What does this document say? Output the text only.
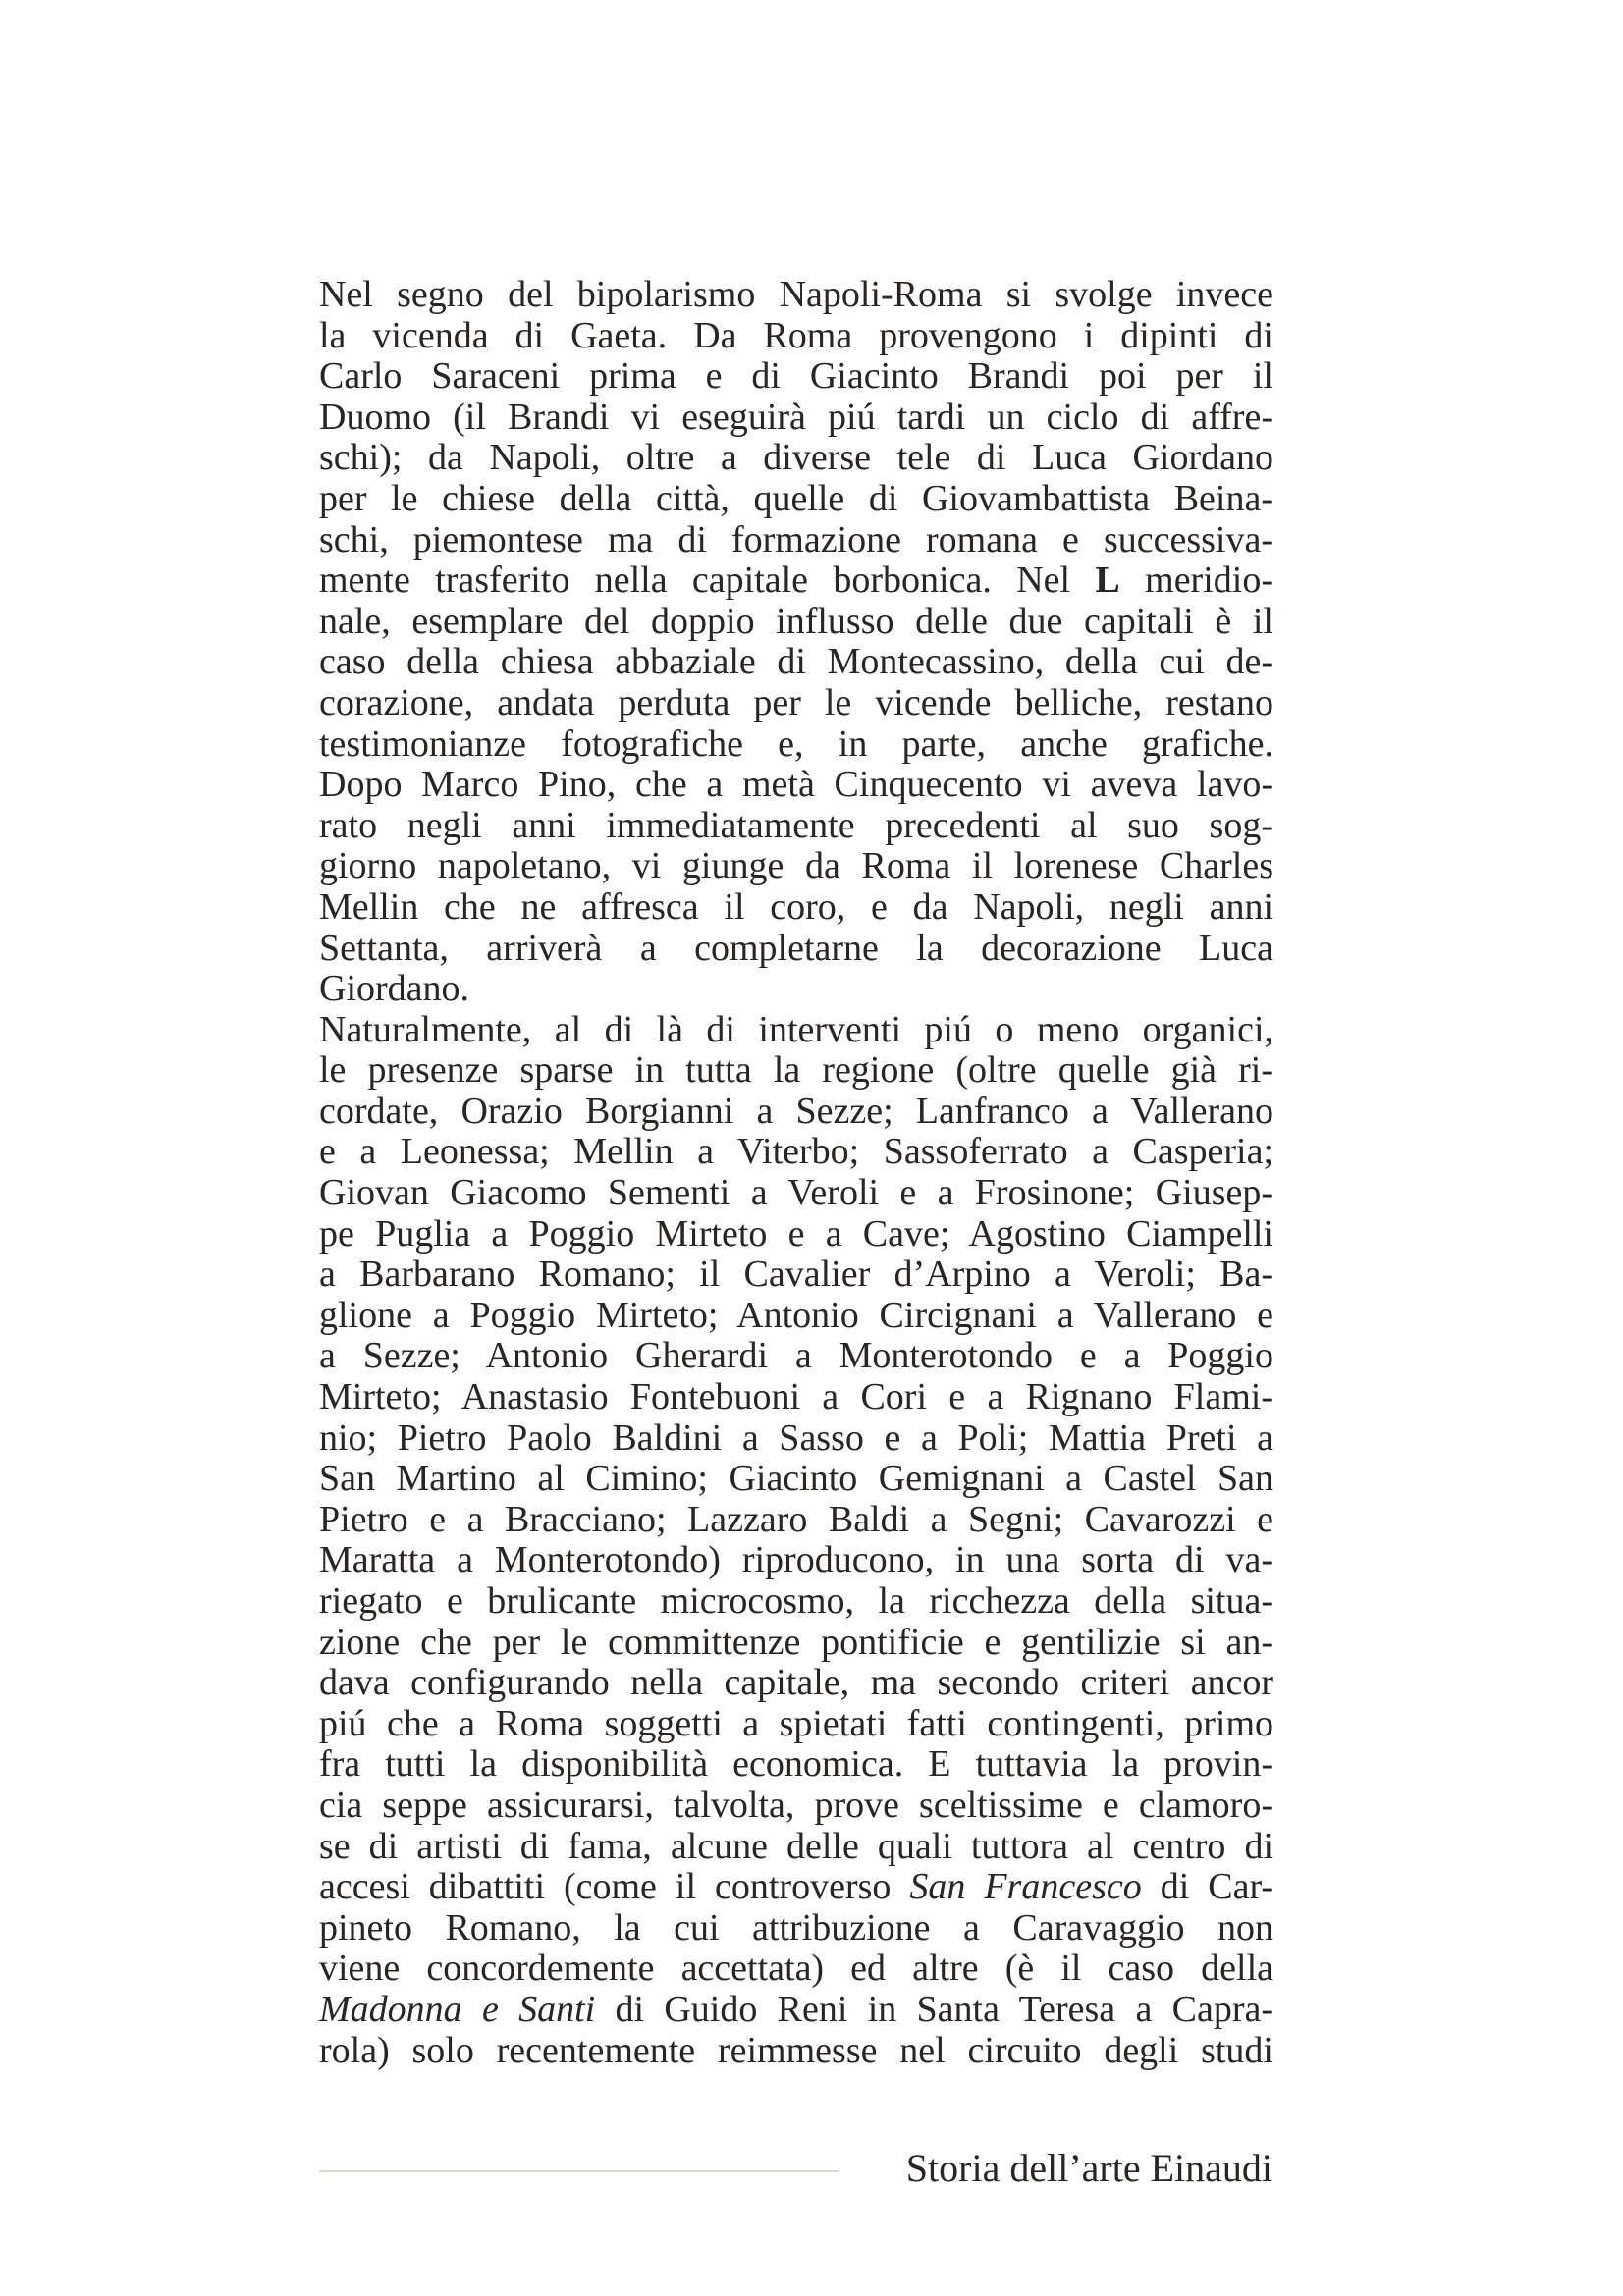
Nel segno del bipolarismo Napoli-Roma si svolge invece
la vicenda di Gaeta. Da Roma provengono i dipinti di
Carlo Saraceni prima e di Giacinto Brandi poi per il
Duomo (il Brandi vi eseguirà piú tardi un ciclo di affre-
schi); da Napoli, oltre a diverse tele di Luca Giordano
per le chiese della città, quelle di Giovambattista Beina-
schi, piemontese ma di formazione romana e successiva-
mente trasferito nella capitale borbonica. Nel L meridio-
nale, esemplare del doppio influsso delle due capitali è il
caso della chiesa abbaziale di Montecassino, della cui de-
corazione, andata perduta per le vicende belliche, restano
testimonianze fotografiche e, in parte, anche grafiche.
Dopo Marco Pino, che a metà Cinquecento vi aveva lavo-
rato negli anni immediatamente precedenti al suo sog-
giorno napoletano, vi giunge da Roma il lorenese Charles
Mellin che ne affresca il coro, e da Napoli, negli anni
Settanta, arriverà a completarne la decorazione Luca
Giordano.
Naturalmente, al di là di interventi piú o meno organici,
le presenze sparse in tutta la regione (oltre quelle già ri-
cordate, Orazio Borgianni a Sezze; Lanfranco a Vallerano
e a Leonessa; Mellin a Viterbo; Sassoferrato a Casperia;
Giovan Giacomo Sementi a Veroli e a Frosinone; Giusep-
pe Puglia a Poggio Mirteto e a Cave; Agostino Ciampelli
a Barbarano Romano; il Cavalier d’Arpino a Veroli; Ba-
glione a Poggio Mirteto; Antonio Circignani a Vallerano e
a Sezze; Antonio Gherardi a Monterotondo e a Poggio
Mirteto; Anastasio Fontebuoni a Cori e a Rignano Flami-
nio; Pietro Paolo Baldini a Sasso e a Poli; Mattia Preti a
San Martino al Cimino; Giacinto Gemignani a Castel San
Pietro e a Bracciano; Lazzaro Baldi a Segni; Cavarozzi e
Maratta a Monterotondo) riproducono, in una sorta di va-
riegato e brulicante microcosmo, la ricchezza della situa-
zione che per le committenze pontificie e gentilizie si an-
dava configurando nella capitale, ma secondo criteri ancor
piú che a Roma soggetti a spietati fatti contingenti, primo
fra tutti la disponibilità economica. E tuttavia la provin-
cia seppe assicurarsi, talvolta, prove sceltissime e clamoro-
se di artisti di fama, alcune delle quali tuttora al centro di
accesi dibattiti (come il controverso San Francesco di Car-
pineto Romano, la cui attribuzione a Caravaggio non
viene concordemente accettata) ed altre (è il caso della
Madonna e Santi di Guido Reni in Santa Teresa a Capra-
rola) solo recentemente reimmesse nel circuito degli studi
Storia dell’arte Einaudi
